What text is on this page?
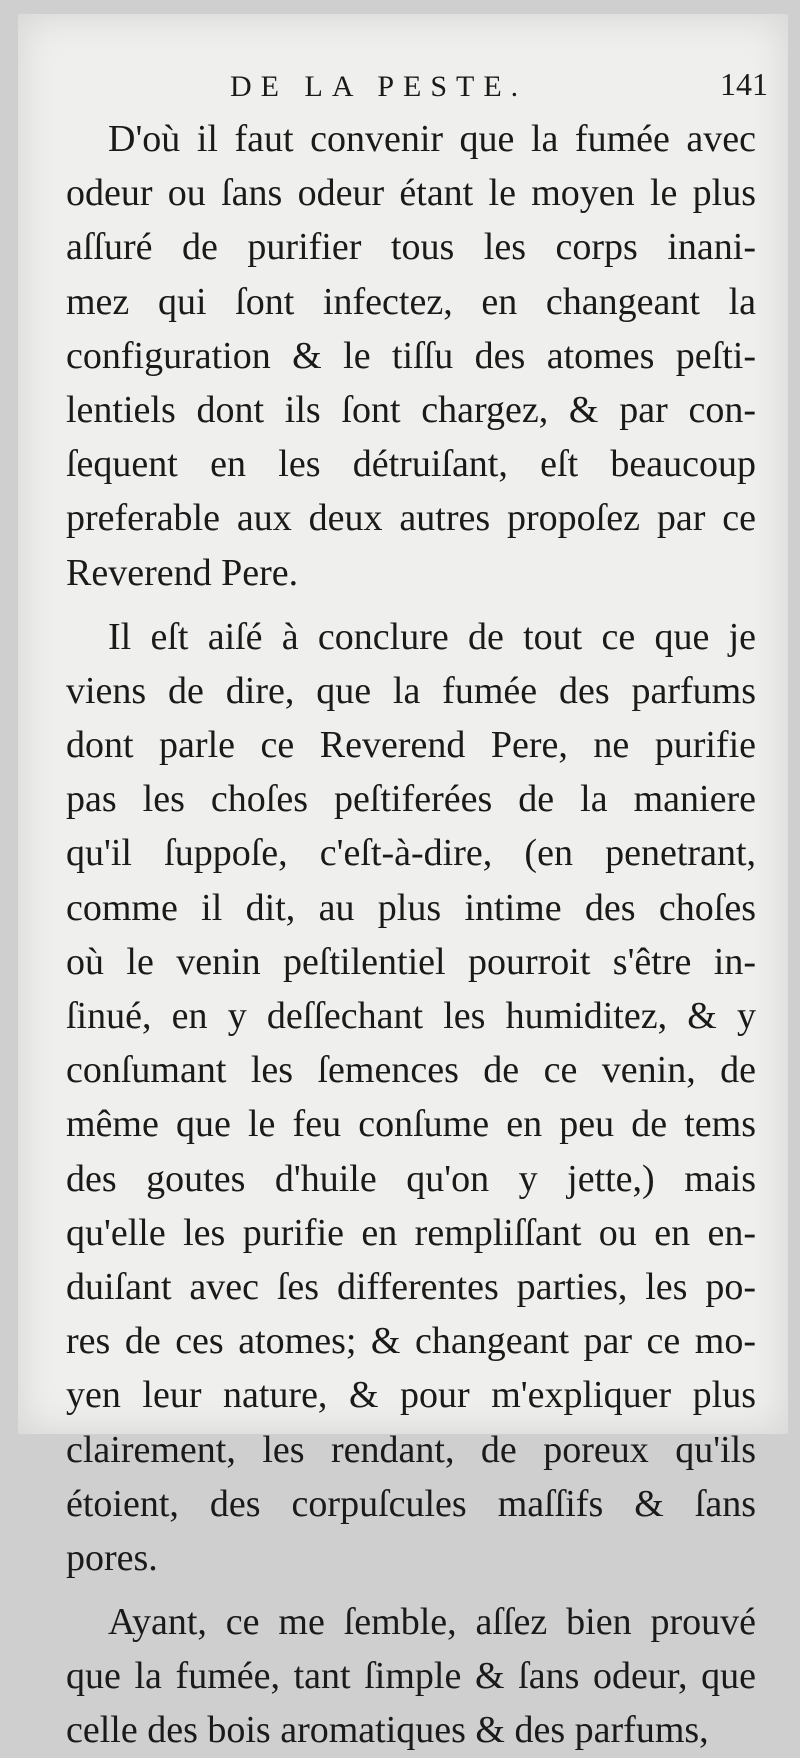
DE LA PESTE.	141
D'où il faut convenir que la fumée avec
odeur ou ſans odeur étant le moyen le plus
aſſuré de purifier tous les corps inani-
mez qui ſont infectez, en changeant la
configuration & le tiſſu des atomes peſti-
lentiels dont ils ſont chargez, & par con-
ſequent en les détruiſant, eſt beaucoup
preferable aux deux autres propoſez par ce
Reverend Pere.
Il eſt aiſé à conclure de tout ce que je
viens de dire, que la fumée des parfums
dont parle ce Reverend Pere, ne purifie
pas les choſes peſtiferées de la maniere
qu'il ſuppoſe, c'eſt-à-dire, (en penetrant,
comme il dit, au plus intime des choſes
où le venin peſtilentiel pourroit s'être in-
ſinué, en y deſſechant les humiditez, & y
conſumant les ſemences de ce venin, de
même que le feu conſume en peu de tems
des goutes d'huile qu'on y jette,) mais
qu'elle les purifie en rempliſſant ou en en-
duiſant avec ſes differentes parties, les po-
res de ces atomes; & changeant par ce mo-
yen leur nature, & pour m'expliquer plus
clairement, les rendant, de poreux qu'ils
étoient, des corpuſcules maſſifs & ſans
pores.
Ayant, ce me ſemble, aſſez bien prouvé
que la fumée, tant ſimple & ſans odeur, que
celle des bois aromatiques & des parfums,
